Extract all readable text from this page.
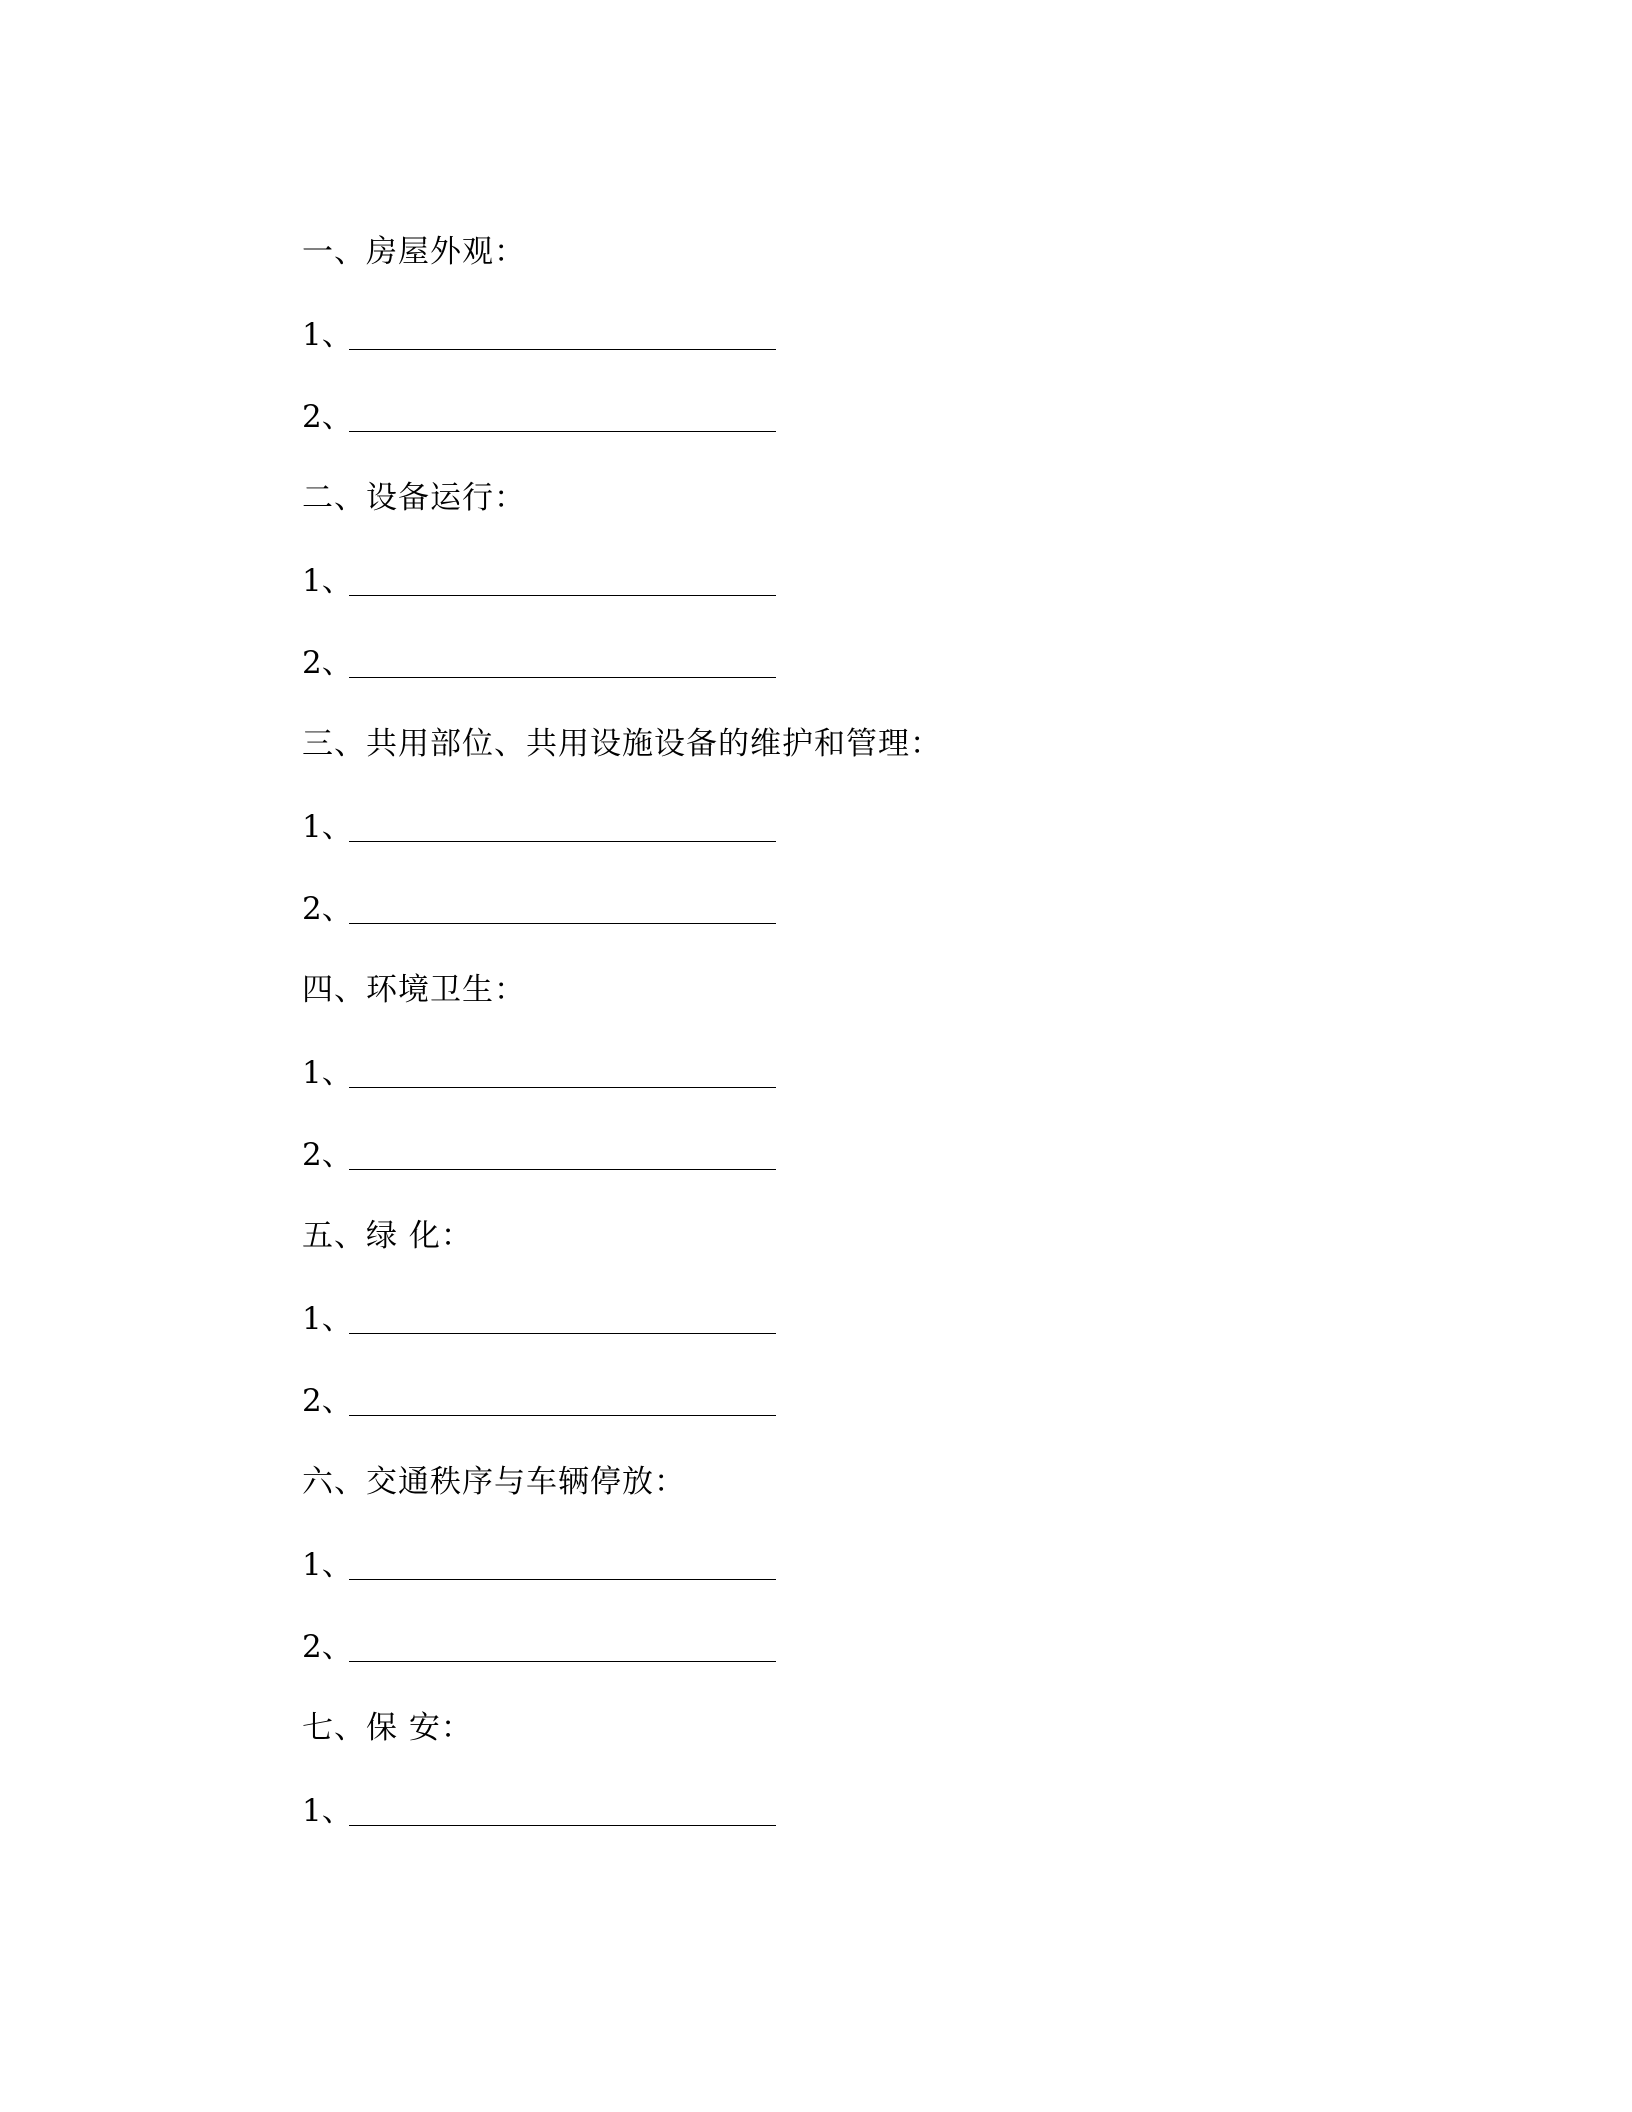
一、房屋外观：
1、
2、
二、设备运行：
1、
2、
三、共用部位、共用设施设备的维护和管理：
1、
2、
四、环境卫生：
1、
2、
五、绿 化：
1、
2、
六、交通秩序与车辆停放：
1、
2、
七、保 安：
1、
